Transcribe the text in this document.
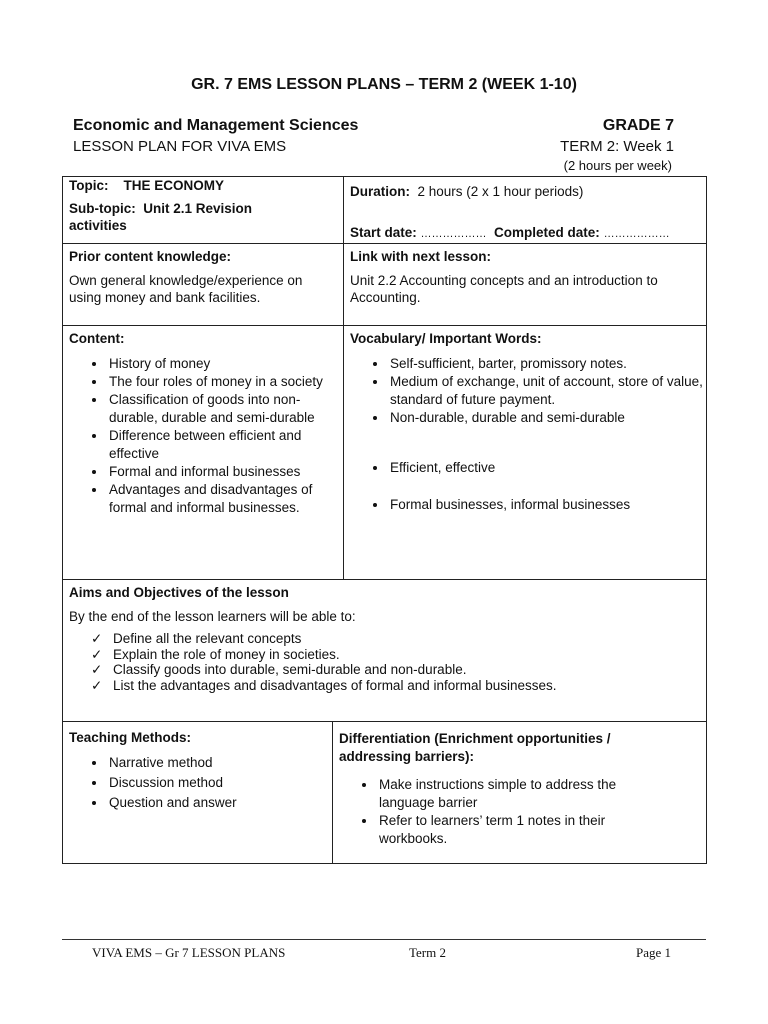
GR. 7 EMS LESSON PLANS – TERM 2 (WEEK 1-10)
Economic and Management Sciences
LESSON PLAN FOR VIVA EMS
GRADE 7
TERM 2: Week 1
(2 hours per week)
Topic: THE ECONOMY
Sub-topic: Unit 2.1 Revision activities
Duration: 2 hours (2 x 1 hour periods)
Start date: ……………… Completed date: ………………
Prior content knowledge:
Own general knowledge/experience on using money and bank facilities.
Link with next lesson:
Unit 2.2 Accounting concepts and an introduction to Accounting.
Content:
• History of money
• The four roles of money in a society
• Classification of goods into non-durable, durable and semi-durable
• Difference between efficient and effective
• Formal and informal businesses
• Advantages and disadvantages of formal and informal businesses.
Vocabulary/ Important Words:
• Self-sufficient, barter, promissory notes.
• Medium of exchange, unit of account, store of value, standard of future payment.
• Non-durable, durable and semi-durable
• Efficient, effective
• Formal businesses, informal businesses
Aims and Objectives of the lesson
By the end of the lesson learners will be able to:
✓ Define all the relevant concepts
✓ Explain the role of money in societies.
✓ Classify goods into durable, semi-durable and non-durable.
✓ List the advantages and disadvantages of formal and informal businesses.
Teaching Methods:
• Narrative method
• Discussion method
• Question and answer
Differentiation (Enrichment opportunities / addressing barriers):
• Make instructions simple to address the language barrier
• Refer to learners’ term 1 notes in their workbooks.
VIVA EMS – Gr 7 LESSON PLANS	Term 2	Page 1
